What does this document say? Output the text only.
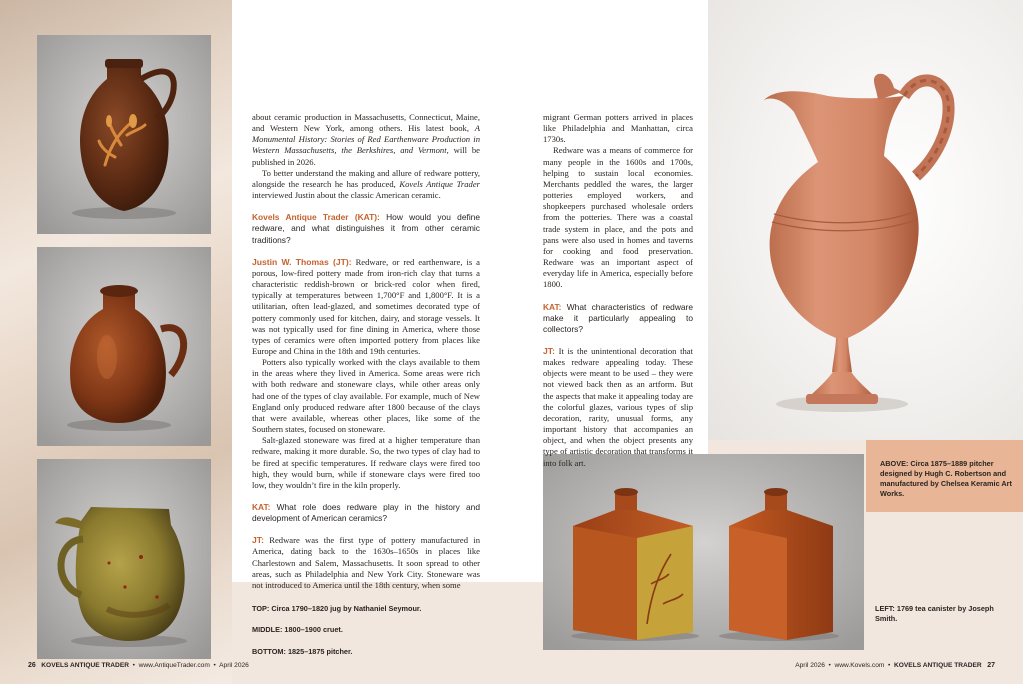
about ceramic production in Massachusetts, Connecticut, Maine, and Western New York, among others. His latest book, A Monumental History: Stories of Red Earthenware Production in Western Massachusetts, the Berkshires, and Vermont, will be published in 2026.

To better understand the making and allure of redware pottery, alongside the research he has produced, Kovels Antique Trader interviewed Justin about the classic American ceramic.

Kovels Antique Trader (KAT): How would you define redware, and what distinguishes it from other ceramic traditions?

Justin W. Thomas (JT): Redware, or red earthenware, is a porous, low-fired pottery made from iron-rich clay that turns a characteristic reddish-brown or brick-red color when fired, typically at temperatures between 1,700°F and 1,800°F. It is a utilitarian, often lead-glazed, and sometimes decorated type of pottery commonly used for kitchen, dairy, and storage vessels. It was not typically used for fine dining in America, where those types of ceramics were often imported pottery from places like Europe and China in the 18th and 19th centuries.

Potters also typically worked with the clays available to them in the areas where they lived in America. Some areas were rich with both redware and stoneware clays, while other areas only had one of the types of clay available. For example, much of New England only produced redware after 1800 because of the clays that were available, whereas other places, like some of the Southern states, focused on stoneware.

Salt-glazed stoneware was fired at a higher temperature than redware, making it more durable. So, the two types of clay had to be fired at specific temperatures. If redware clays were fired too high, they would burn, while if stoneware clays were fired too low, they wouldn’t fire in the kiln properly.

KAT: What role does redware play in the history and development of American ceramics?

JT: Redware was the first type of pottery manufactured in America, dating back to the 1630s–1650s in places like Charlestown and Salem, Massachusetts. It soon spread to other areas, such as Philadelphia and New York City. Stoneware was not introduced to America until the 18th century, when some

migrant German potters arrived in places like Philadelphia and Manhattan, circa 1730s.

Redware was a means of commerce for many people in the 1600s and 1700s, helping to sustain local economies. Merchants peddled the wares, the larger potteries employed workers, and shopkeepers purchased wholesale orders from the potteries. There was a coastal trade system in place, and the pots and pans were also used in homes and taverns for cooking and food preservation. Redware was an important aspect of everyday life in America, especially before 1800.

KAT: What characteristics of redware make it particularly appealing to collectors?

JT: It is the unintentional decoration that makes redware appealing today. These objects were meant to be used – they were not viewed back then as an artform. But the aspects that make it appealing today are the colorful glazes, various types of slip decoration, rarity, unusual forms, any important history that accompanies an object, and when the object presents any type of artistic decoration that transforms it into folk art.

TOP: Circa 1790–1820 jug by Nathaniel Seymour.
MIDDLE: 1800–1900 cruet.
BOTTOM: 1825–1875 pitcher.
ABOVE: Circa 1875–1889 pitcher designed by Hugh C. Robertson and manufactured by Chelsea Keramic Art Works.
LEFT: 1769 tea canister by Joseph Smith.
26 KOVELS ANTIQUE TRADER  •  www.AntiqueTrader.com  •  April 2026	April 2026  •  www.Kovels.com  •  KOVELS ANTIQUE TRADER 27
